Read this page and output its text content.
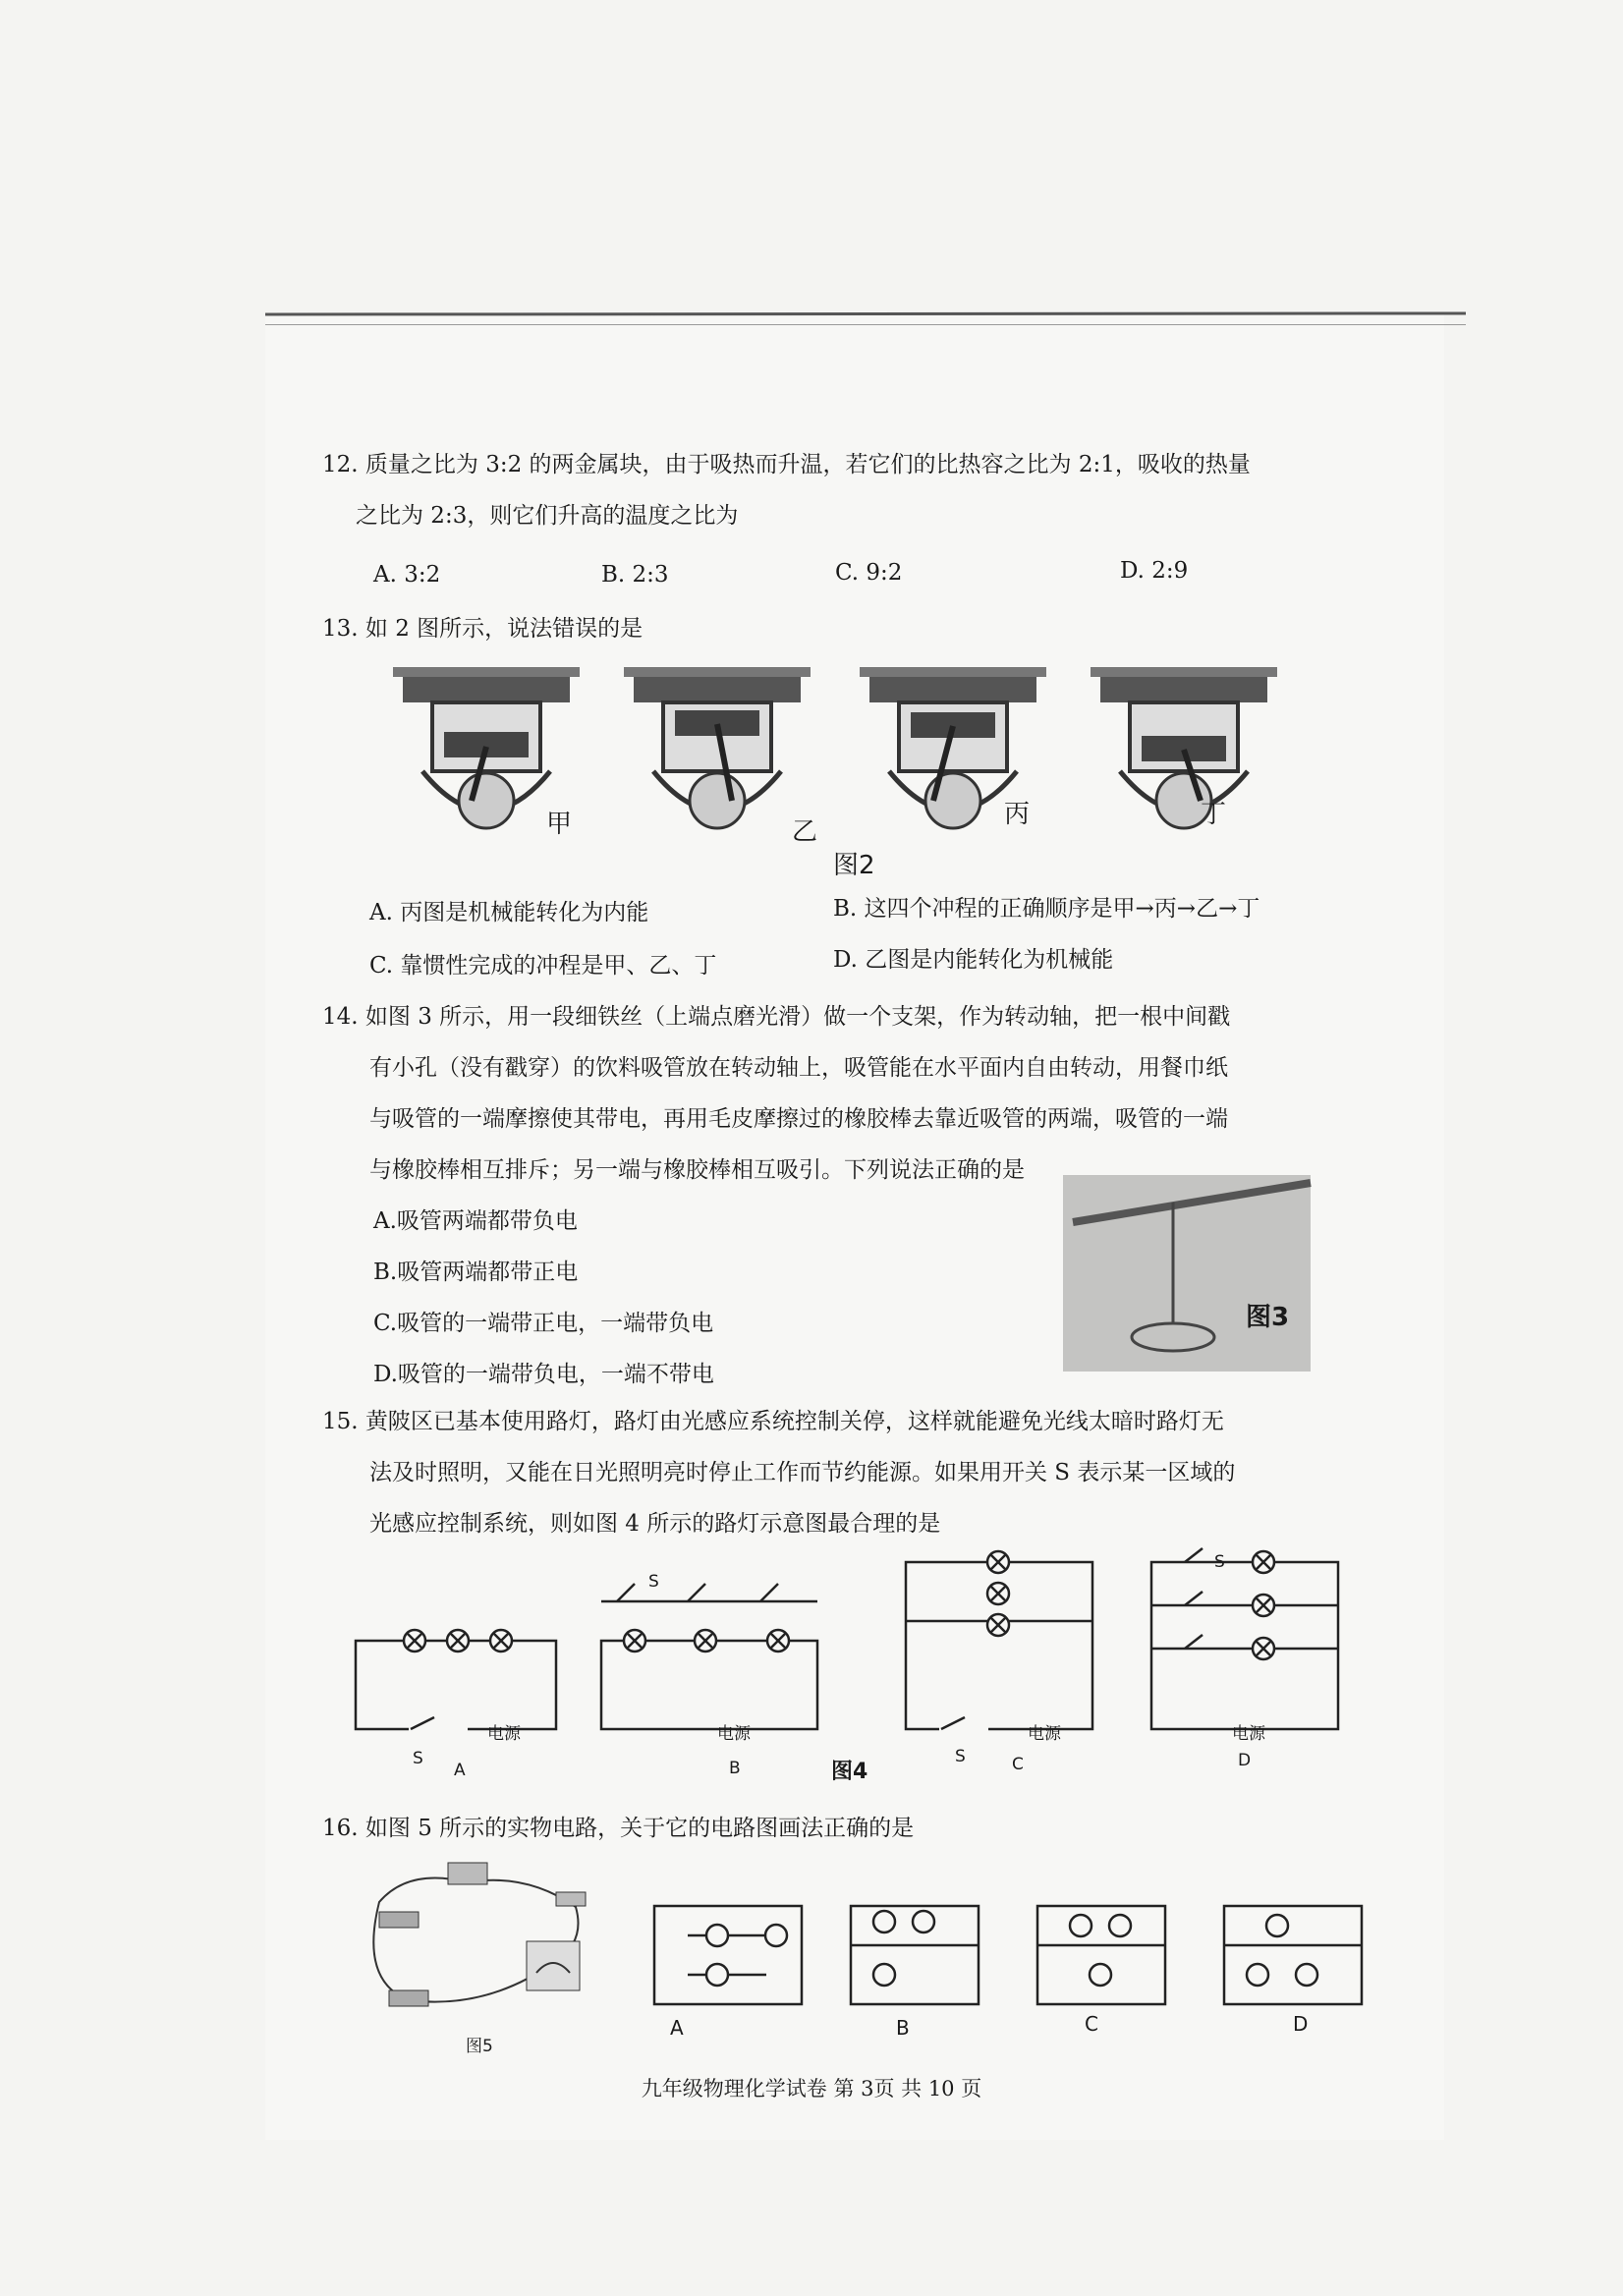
12. 质量之比为 3:2 的两金属块，由于吸热而升温，若它们的比热容之比为 2:1，吸收的热量
之比为 2:3，则它们升高的温度之比为
A. 3:2	B. 2:3	C. 9:2	D. 2:9
13. 如 2 图所示，说法错误的是
甲	乙
丙	丁
图2
A. 丙图是机械能转化为内能	B. 这四个冲程的正确顺序是甲→丙→乙→丁
C. 靠惯性完成的冲程是甲、乙、丁	D. 乙图是内能转化为机械能
14. 如图 3 所示，用一段细铁丝（上端点磨光滑）做一个支架，作为转动轴，把一根中间戳
有小孔（没有戳穿）的饮料吸管放在转动轴上，吸管能在水平面内自由转动，用餐巾纸
与吸管的一端摩擦使其带电，再用毛皮摩擦过的橡胶棒去靠近吸管的两端，吸管的一端
与橡胶棒相互排斥；另一端与橡胶棒相互吸引。下列说法正确的是
A.吸管两端都带负电
B.吸管两端都带正电
C.吸管的一端带正电，一端带负电
D.吸管的一端带负电，一端不带电
图3
15. 黄陂区已基本使用路灯，路灯由光感应系统控制关停，这样就能避免光线太暗时路灯无
法及时照明，又能在日光照明亮时停止工作而节约能源。如果用开关 S 表示某一区域的
光感应控制系统，则如图 4 所示的路灯示意图最合理的是
S
电源
A
S
电源
B	图4
S
电源
C
S
电源
D
16. 如图 5 所示的实物电路，关于它的电路图画法正确的是
图5
A	B	C	D
九年级物理化学试卷 第 3页 共 10 页
